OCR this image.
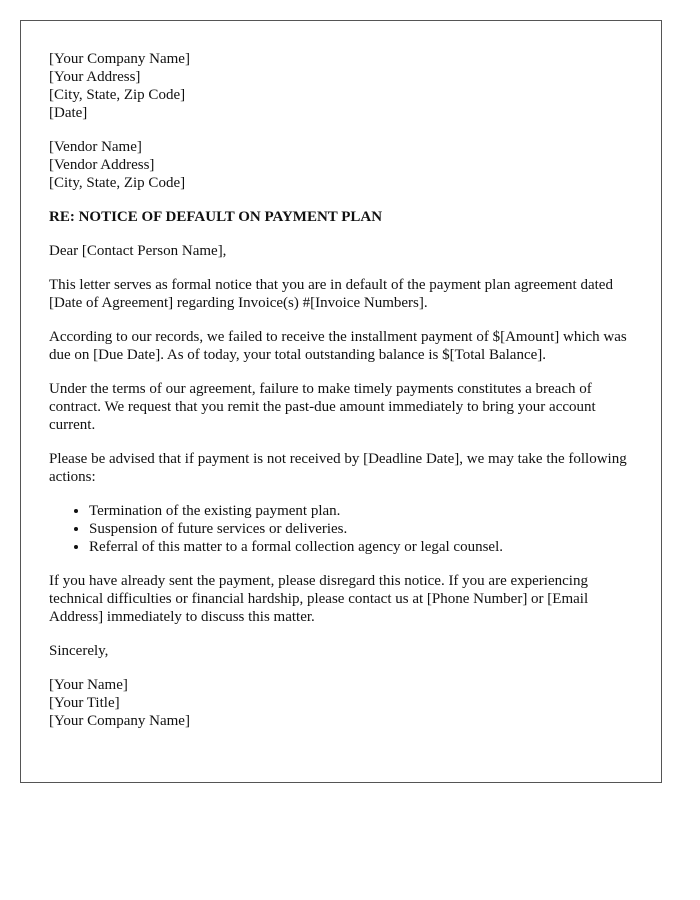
[Your Company Name]
[Your Address]
[City, State, Zip Code]
[Date]
[Vendor Name]
[Vendor Address]
[City, State, Zip Code]
RE: NOTICE OF DEFAULT ON PAYMENT PLAN

Dear [Contact Person Name],

This letter serves as formal notice that you are in default of the payment plan agreement dated [Date of Agreement] regarding Invoice(s) #[Invoice Numbers].

According to our records, we failed to receive the installment payment of $[Amount] which was due on [Due Date]. As of today, your total outstanding balance is $[Total Balance].

Under the terms of our agreement, failure to make timely payments constitutes a breach of contract. We request that you remit the past-due amount immediately to bring your account current.

Please be advised that if payment is not received by [Deadline Date], we may take the following actions:

• Termination of the existing payment plan.
• Suspension of future services or deliveries.
• Referral of this matter to a formal collection agency or legal counsel.

If you have already sent the payment, please disregard this notice. If you are experiencing technical difficulties or financial hardship, please contact us at [Phone Number] or [Email Address] immediately to discuss this matter.

Sincerely,

[Your Name]
[Your Title]
[Your Company Name]
